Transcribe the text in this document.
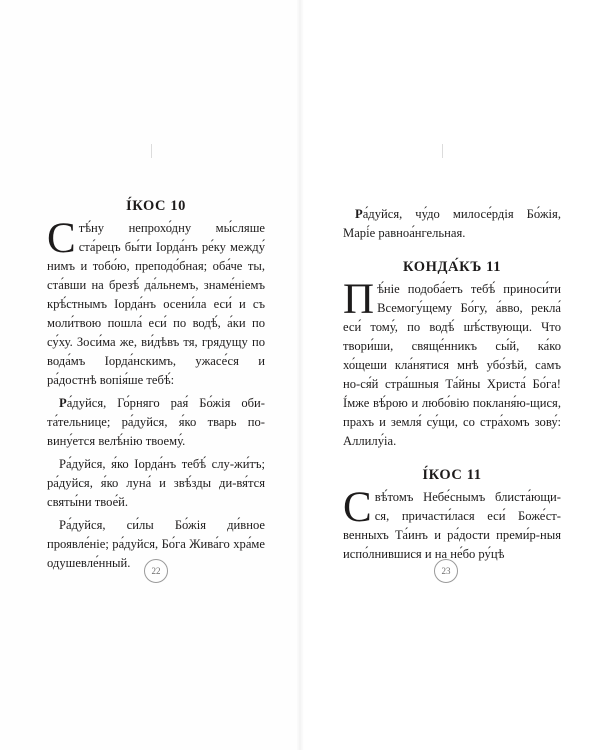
І́КОС 10

Стѣ́ну непрохо́дну мы́сляше ста́рецъ бы́ти Іорда́нъ ре́ку между́ нимъ и тобо́ю, преподо́бная; оба́че ты, ста́вши на брезѣ́ да́льнемъ, знаме́ніемъ крѣ́стнымъ Іорда́нъ осени́ла еси́ и съ моли́твою пошла́ еси́ по водѣ́, а́ки по су́ху. Зоси́ма же, ви́дѣвъ тя, грядущу по вода́мъ Іорда́нскимъ, ужасе́ся и ра́достнѣ вопія́ше тебѣ́:

Ра́дуйся, Го́рняго рая́ Бо́жія оби-та́тельнице; ра́дуйся, я́ко тварь по-вину́ется велѣ́нію твоему́.

Ра́дуйся, я́ко Іорда́нъ тебѣ́ слу-жи́тъ; ра́дуйся, я́ко луна́ и звѣ́зды ди-вя́тся святы́ни твое́й.

Ра́дуйся, си́лы Бо́жія ди́вное проявле́ніе; ра́дуйся, Бо́га Жива́го хра́ме одушевле́нный.

Ра́дуйся, чу́до милосе́рдія Бо́жія, Марі́е равноа́нгельная.

КОНДА́КЪ 11

Пѣ́ніе подоба́етъ тебѣ́ приноси́ти Всемогу́щему Бо́гу, а́вво, рекла́ еси́ тому́, по водѣ́ шѣ́ствующи. Что твори́ши, свяще́нникъ сы́й, ка́ко хо́щеши кла́нятися мнѣ убо́зѣй, самъ но-ся́й стра́шныя Та́йны Христа́ Бо́га! І́мже вѣ́рою и любо́вію покланя́ю-щися, прахъ и земля́ су́щи, со стра́хомъ зову́: Аллилу́іа.

І́КОС 11

Свѣ́томъ Небе́снымъ блиста́ющи-ся, причасти́лася еси́ Боже́ст-венныхъ Та́инъ и ра́дости преми́р-ныя испо́лнившися и на не́бо ру́цѣ

22	23
